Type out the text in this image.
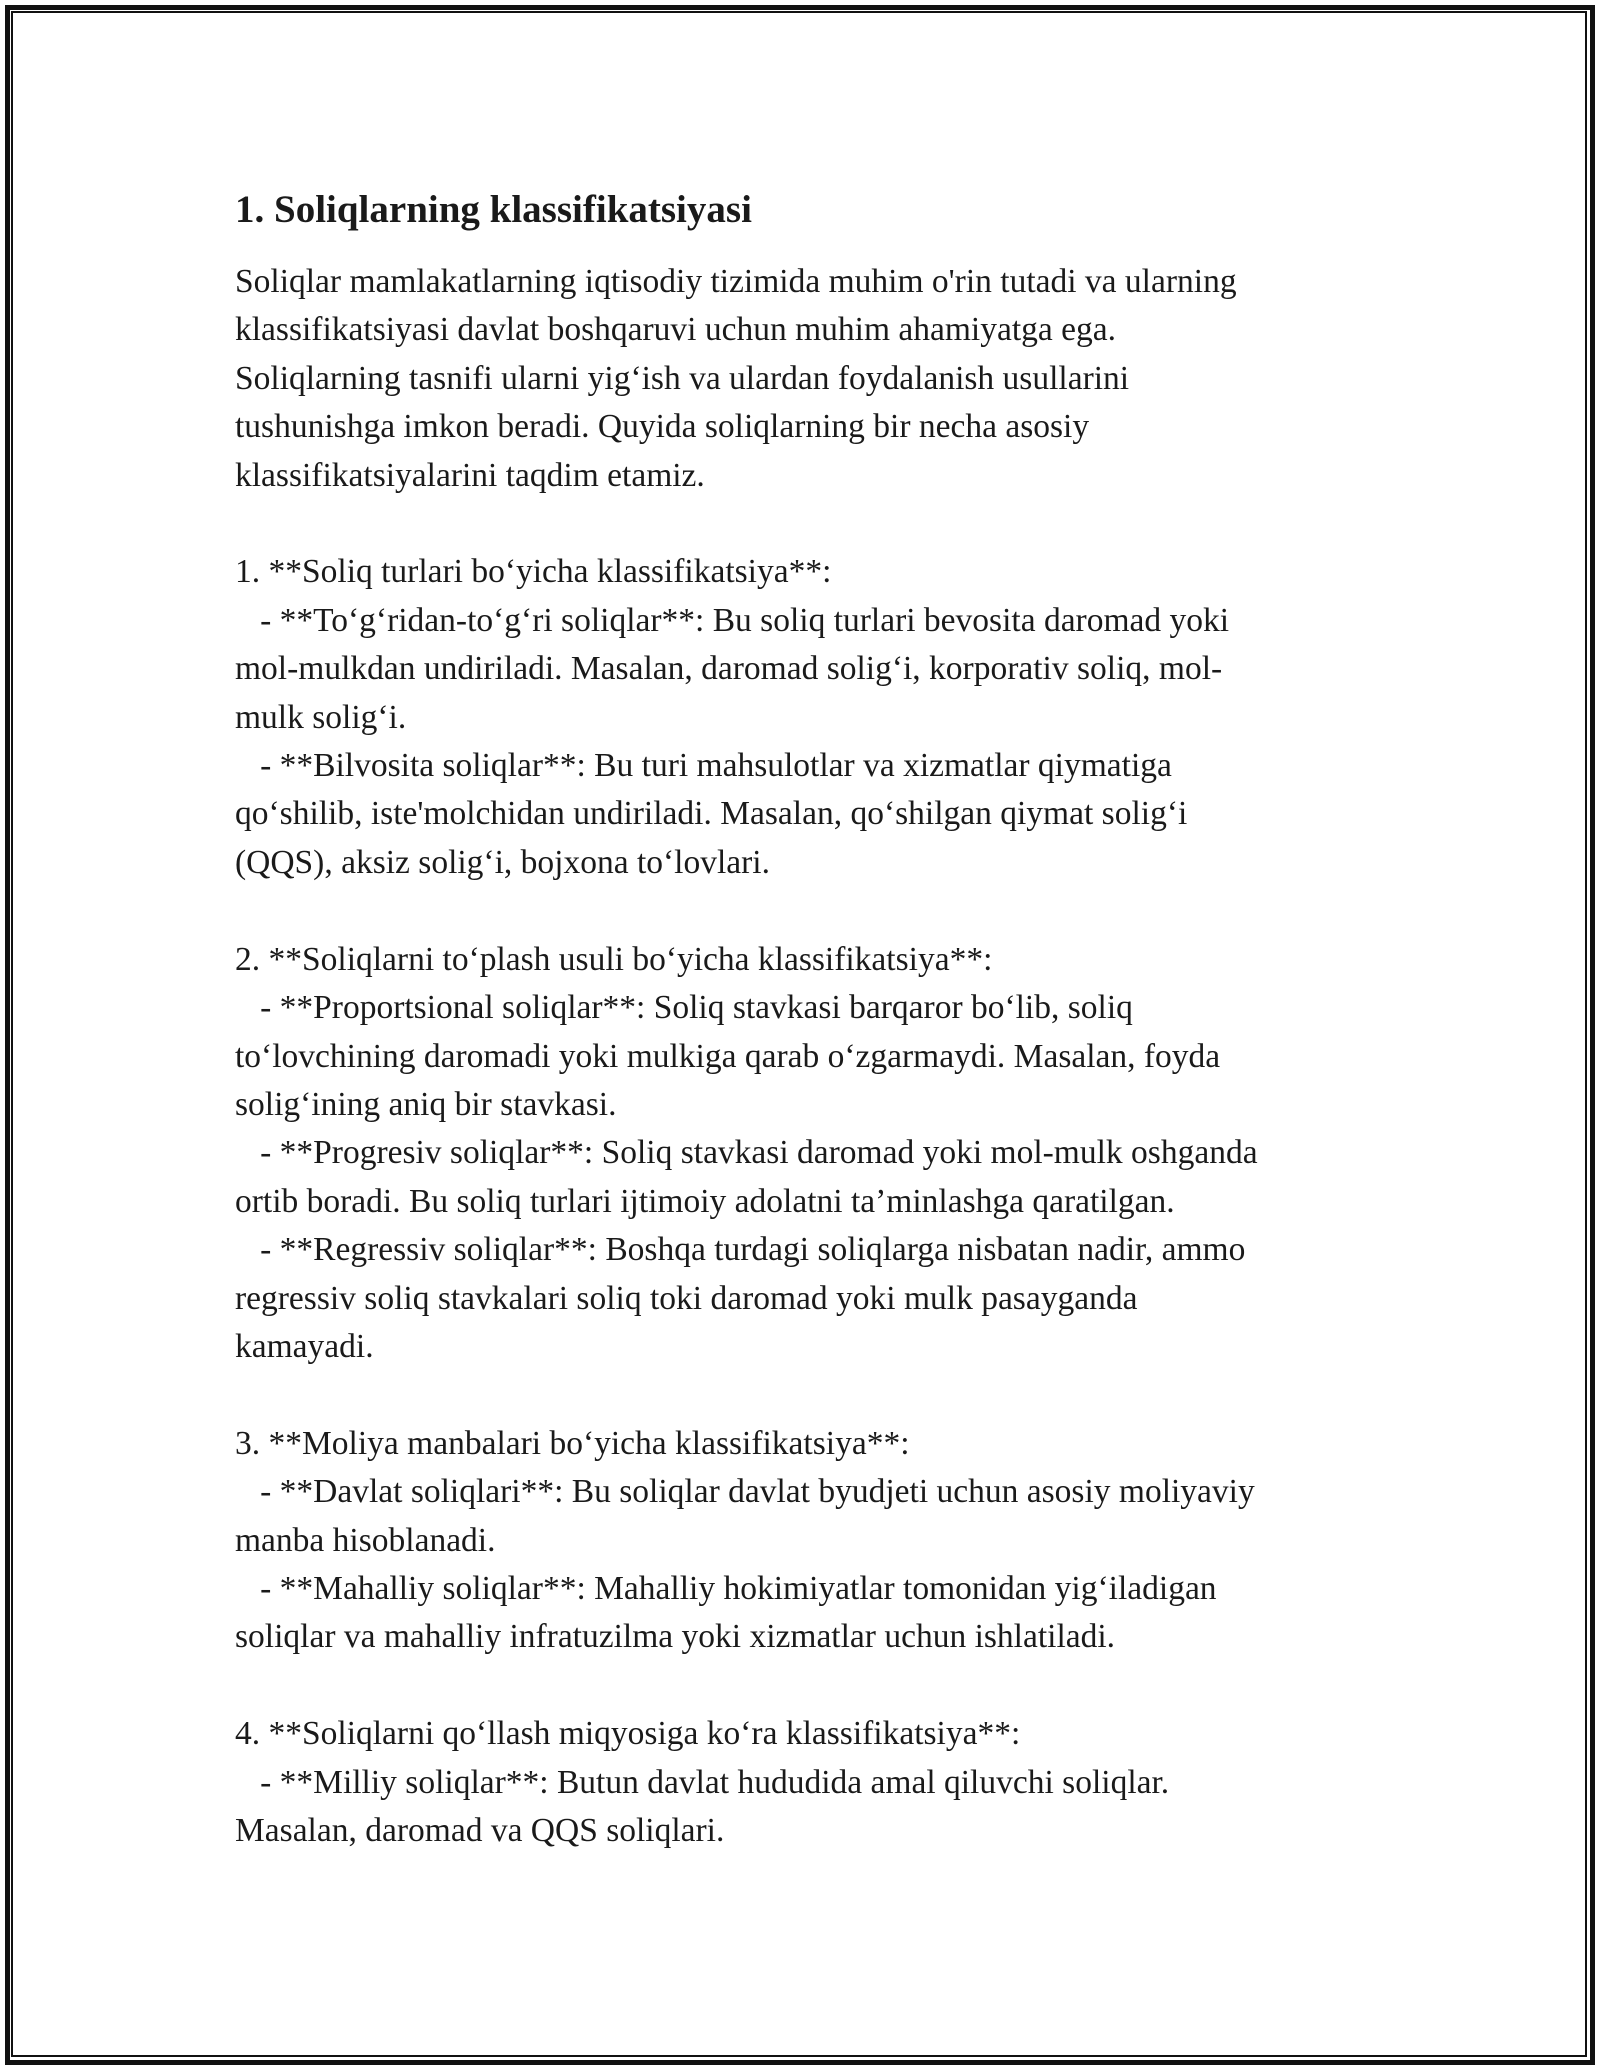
1. Soliqlarning klassifikatsiyasi
Soliqlar mamlakatlarning iqtisodiy tizimida muhim o'rin tutadi va ularning
klassifikatsiyasi davlat boshqaruvi uchun muhim ahamiyatga ega.
Soliqlarning tasnifi ularni yig‘ish va ulardan foydalanish usullarini
tushunishga imkon beradi. Quyida soliqlarning bir necha asosiy
klassifikatsiyalarini taqdim etamiz.

1. **Soliq turlari bo‘yicha klassifikatsiya**:
- **To‘g‘ridan-to‘g‘ri soliqlar**: Bu soliq turlari bevosita daromad yoki
mol-mulkdan undiriladi. Masalan, daromad solig‘i, korporativ soliq, mol-
mulk solig‘i.
- **Bilvosita soliqlar**: Bu turi mahsulotlar va xizmatlar qiymatiga
qo‘shilib, iste'molchidan undiriladi. Masalan, qo‘shilgan qiymat solig‘i
(QQS), aksiz solig‘i, bojxona to‘lovlari.

2. **Soliqlarni to‘plash usuli bo‘yicha klassifikatsiya**:
- **Proportsional soliqlar**: Soliq stavkasi barqaror bo‘lib, soliq
to‘lovchining daromadi yoki mulkiga qarab o‘zgarmaydi. Masalan, foyda
solig‘ining aniq bir stavkasi.
- **Progresiv soliqlar**: Soliq stavkasi daromad yoki mol-mulk oshganda
ortib boradi. Bu soliq turlari ijtimoiy adolatni ta’minlashga qaratilgan.
- **Regressiv soliqlar**: Boshqa turdagi soliqlarga nisbatan nadir, ammo
regressiv soliq stavkalari soliq toki daromad yoki mulk pasayganda
kamayadi.

3. **Moliya manbalari bo‘yicha klassifikatsiya**:
- **Davlat soliqlari**: Bu soliqlar davlat byudjeti uchun asosiy moliyaviy
manba hisoblanadi.
- **Mahalliy soliqlar**: Mahalliy hokimiyatlar tomonidan yig‘iladigan
soliqlar va mahalliy infratuzilma yoki xizmatlar uchun ishlatiladi.

4. **Soliqlarni qo‘llash miqyosiga ko‘ra klassifikatsiya**:
- **Milliy soliqlar**: Butun davlat hududida amal qiluvchi soliqlar.
Masalan, daromad va QQS soliqlari.
